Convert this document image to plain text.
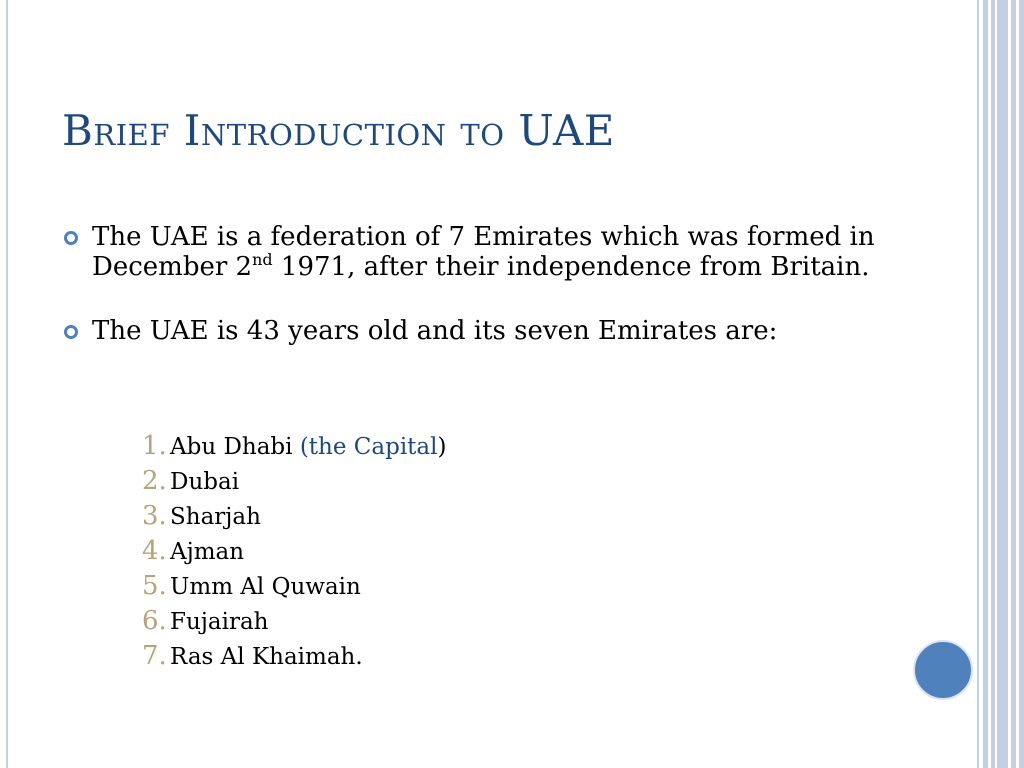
Brief Introduction to UAE
The UAE is a federation of 7 Emirates which was formed in December 2nd 1971, after their independence from Britain.
The UAE is 43 years old and its seven Emirates are:
1. Abu Dhabi (the Capital)
2. Dubai
3. Sharjah
4. Ajman
5. Umm Al Quwain
6. Fujairah
7. Ras Al Khaimah.
